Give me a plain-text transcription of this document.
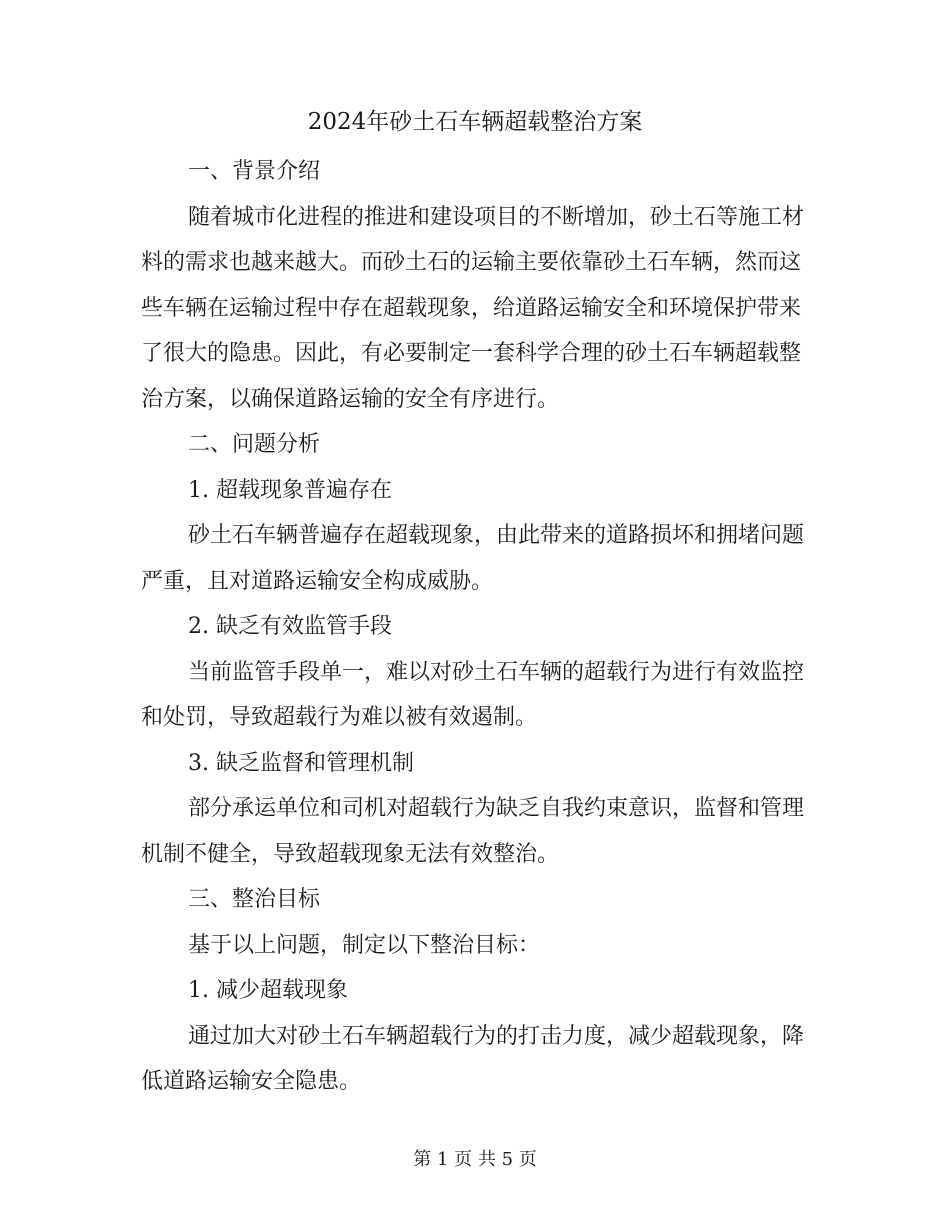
2024年砂土石车辆超载整治方案

一、背景介绍

随着城市化进程的推进和建设项目的不断增加，砂土石等施工材料的需求也越来越大。而砂土石的运输主要依靠砂土石车辆，然而这些车辆在运输过程中存在超载现象，给道路运输安全和环境保护带来了很大的隐患。因此，有必要制定一套科学合理的砂土石车辆超载整治方案，以确保道路运输的安全有序进行。

二、问题分析

1. 超载现象普遍存在

砂土石车辆普遍存在超载现象，由此带来的道路损坏和拥堵问题严重，且对道路运输安全构成威胁。

2. 缺乏有效监管手段

当前监管手段单一，难以对砂土石车辆的超载行为进行有效监控和处罚，导致超载行为难以被有效遏制。

3. 缺乏监督和管理机制

部分承运单位和司机对超载行为缺乏自我约束意识，监督和管理机制不健全，导致超载现象无法有效整治。

三、整治目标

基于以上问题，制定以下整治目标：

1. 减少超载现象

通过加大对砂土石车辆超载行为的打击力度，减少超载现象，降低道路运输安全隐患。

第 1 页 共 5 页
